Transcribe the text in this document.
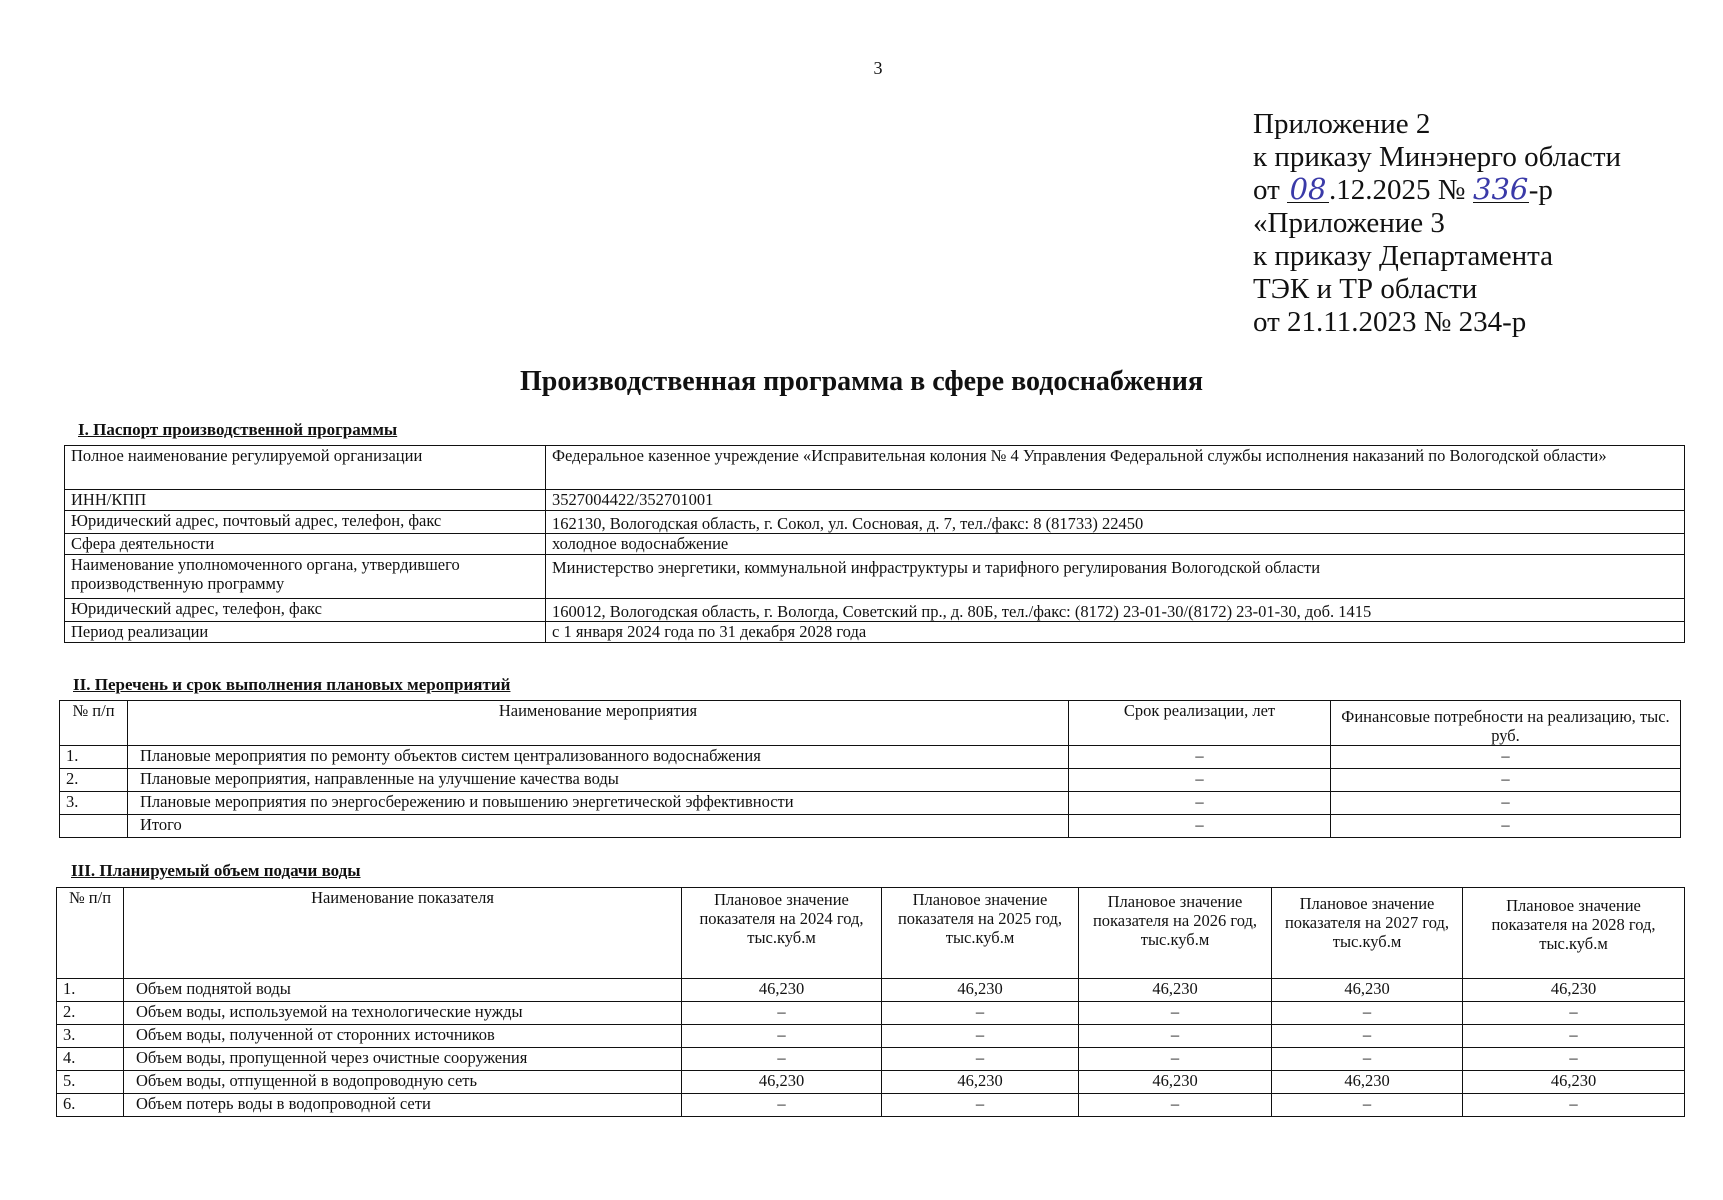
3
Приложение 2
к приказу Минэнерго области
от 08.12.2025 № 336-р
«Приложение 3
к приказу Департамента
ТЭК и ТР области
от 21.11.2023 № 234-р
Производственная программа в сфере водоснабжения
I. Паспорт производственной программы
Полное наименование регулируемой организации	Федеральное казенное учреждение «Исправительная колония № 4 Управления Федеральной службы исполнения наказаний по Вологодской области»
ИНН/КПП	3527004422/352701001
Юридический адрес, почтовый адрес, телефон, факс	162130, Вологодская область, г. Сокол, ул. Сосновая, д. 7, тел./факс: 8 (81733) 22450
Сфера деятельности	холодное водоснабжение
Наименование уполномоченного органа, утвердившего производственную программу	Министерство энергетики, коммунальной инфраструктуры и тарифного регулирования Вологодской области
Юридический адрес, телефон, факс	160012, Вологодская область, г. Вологда, Советский пр., д. 80Б, тел./факс: (8172) 23-01-30/(8172) 23-01-30, доб. 1415
Период реализации	с 1 января 2024 года по 31 декабря 2028 года
II. Перечень и срок выполнения плановых мероприятий
№ п/п	Наименование мероприятия	Срок реализации, лет	Финансовые потребности на реализацию, тыс. руб.
1.	Плановые мероприятия по ремонту объектов систем централизованного водоснабжения	–	–
2.	Плановые мероприятия, направленные на улучшение качества воды	–	–
3.	Плановые мероприятия по энергосбережению и повышению энергетической эффективности	–	–
	Итого	–	–
III. Планируемый объем подачи воды
№ п/п	Наименование показателя	Плановое значение показателя на 2024 год, тыс.куб.м	Плановое значение показателя на 2025 год, тыс.куб.м	Плановое значение показателя на 2026 год, тыс.куб.м	Плановое значение показателя на 2027 год, тыс.куб.м	Плановое значение показателя на 2028 год, тыс.куб.м
1.	Объем поднятой воды	46,230	46,230	46,230	46,230	46,230
2.	Объем воды, используемой на технологические нужды	–	–	–	–	–
3.	Объем воды, полученной от сторонних источников	–	–	–	–	–
4.	Объем воды, пропущенной через очистные сооружения	–	–	–	–	–
5.	Объем воды, отпущенной в водопроводную сеть	46,230	46,230	46,230	46,230	46,230
6.	Объем потерь воды в водопроводной сети	–	–	–	–	–
